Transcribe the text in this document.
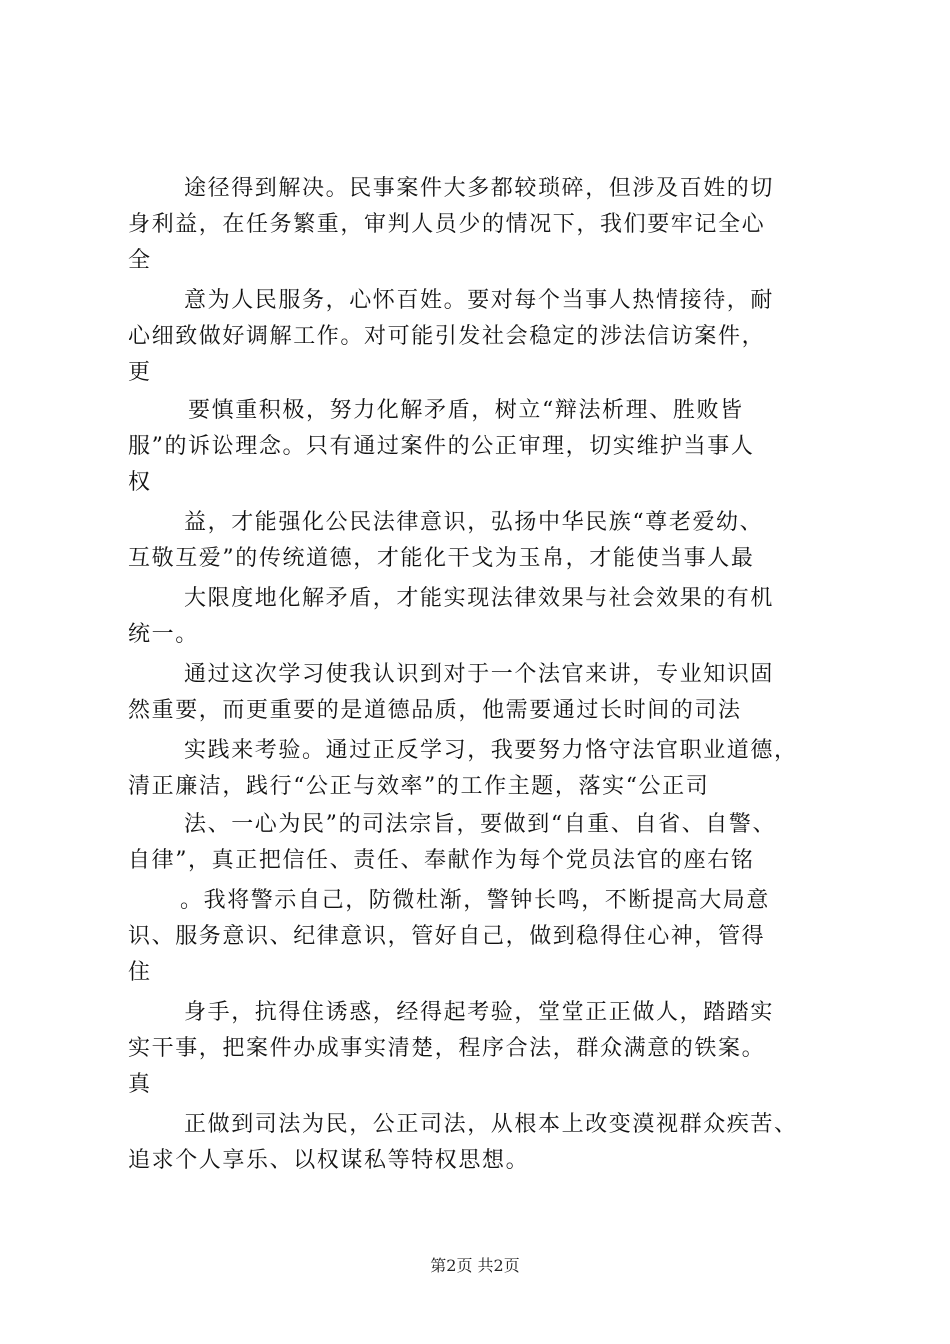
途径得到解决。民事案件大多都较琐碎，但涉及百姓的切
身利益，在任务繁重，审判人员少的情况下，我们要牢记全心
全
意为人民服务，心怀百姓。要对每个当事人热情接待，耐
心细致做好调解工作。对可能引发社会稳定的涉法信访案件，
更
要慎重积极，努力化解矛盾，树立“辩法析理、胜败皆
服”的诉讼理念。只有通过案件的公正审理，切实维护当事人
权
益，才能强化公民法律意识，弘扬中华民族“尊老爱幼、
互敬互爱”的传统道德，才能化干戈为玉帛，才能使当事人最
大限度地化解矛盾，才能实现法律效果与社会效果的有机
统一。
通过这次学习使我认识到对于一个法官来讲，专业知识固
然重要，而更重要的是道德品质，他需要通过长时间的司法
实践来考验。通过正反学习，我要努力恪守法官职业道德，
清正廉洁，践行“公正与效率”的工作主题，落实“公正司
法、一心为民”的司法宗旨，要做到“自重、自省、自警、
自律”，真正把信任、责任、奉献作为每个党员法官的座右铭
。我将警示自己，防微杜渐，警钟长鸣，不断提高大局意
识、服务意识、纪律意识，管好自己，做到稳得住心神，管得
住
身手，抗得住诱惑，经得起考验，堂堂正正做人，踏踏实
实干事，把案件办成事实清楚，程序合法，群众满意的铁案。
真
正做到司法为民，公正司法，从根本上改变漠视群众疾苦、
追求个人享乐、以权谋私等特权思想。
第2页 共2页
